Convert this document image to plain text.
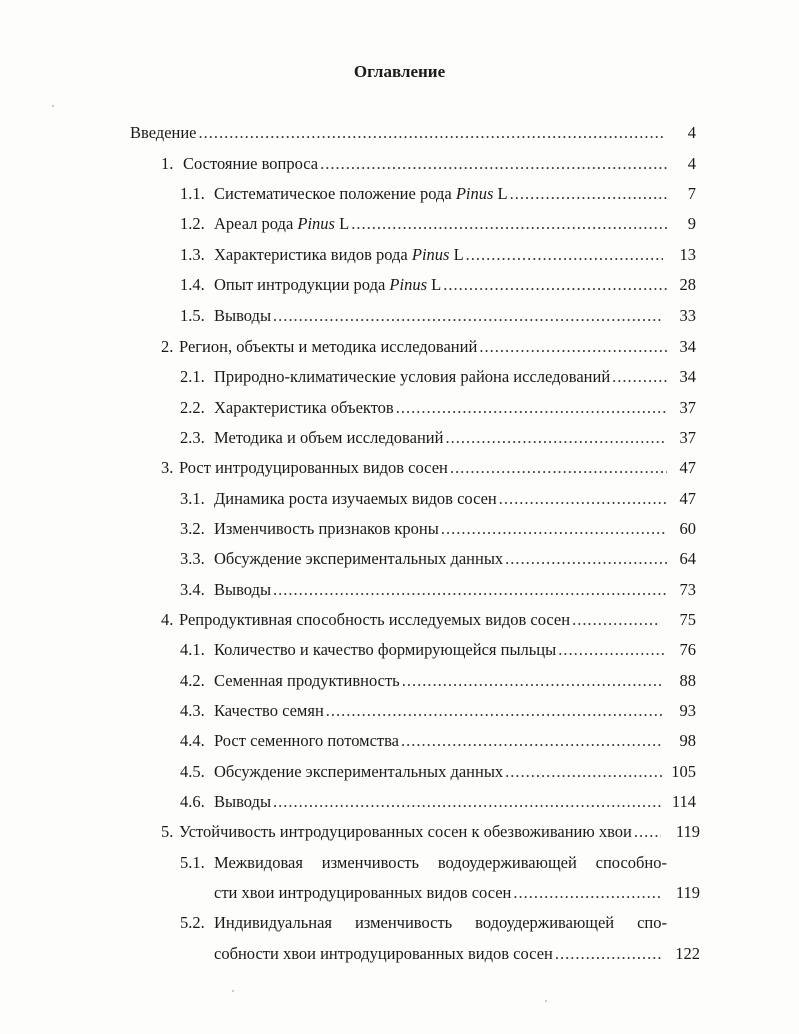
Оглавление
Введение .....	4
1. Состояние вопроса .....	4
1.1. Систематическое положение рода Pinus L .....	7
1.2. Ареал рода Pinus L .....	9
1.3. Характеристика видов рода Pinus L .....	13
1.4. Опыт интродукции рода Pinus L .....	28
1.5. Выводы .....	33
2. Регион, объекты и методика исследований .....	34
2.1. Природно-климатические условия района исследований .....	34
2.2. Характеристика объектов .....	37
2.3. Методика и объем исследований .....	37
3. Рост интродуцированных видов сосен .....	47
3.1. Динамика роста изучаемых видов сосен .....	47
3.2. Изменчивость признаков кроны .....	60
3.3. Обсуждение экспериментальных данных .....	64
3.4. Выводы .....	73
4. Репродуктивная способность исследуемых видов сосен .....	75
4.1. Количество и качество формирующейся пыльцы .....	76
4.2. Семенная продуктивность .....	88
4.3. Качество семян .....	93
4.4. Рост семенного потомства .....	98
4.5. Обсуждение экспериментальных данных .....	105
4.6. Выводы .....	114
5. Устойчивость интродуцированных сосен к обезвоживанию хвои .....	119
5.1. Межвидовая изменчивость водоудерживающей способно-
сти хвои интродуцированных видов сосен .....	119
5.2. Индивидуальная изменчивость водоудерживающей спо-
собности хвои интродуцированных видов сосен .....	122
